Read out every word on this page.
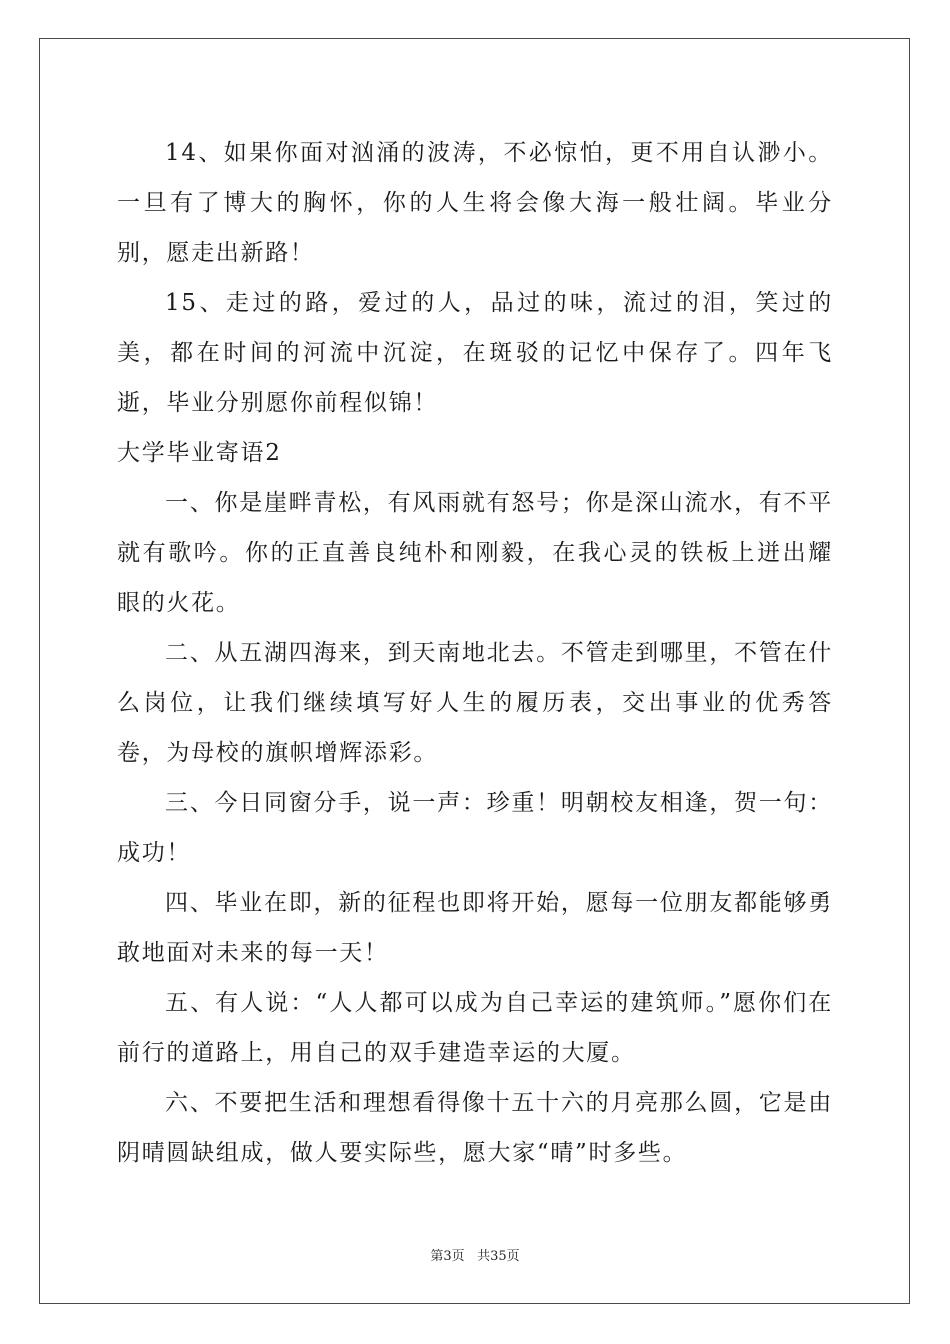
14、如果你面对汹涌的波涛，不必惊怕，更不用自认渺小。一旦有了博大的胸怀，你的人生将会像大海一般壮阔。毕业分别，愿走出新路！

15、走过的路，爱过的人，品过的味，流过的泪，笑过的美，都在时间的河流中沉淀，在斑驳的记忆中保存了。四年飞逝，毕业分别愿你前程似锦！

大学毕业寄语2

一、你是崖畔青松，有风雨就有怒号；你是深山流水，有不平就有歌吟。你的正直善良纯朴和刚毅，在我心灵的铁板上迸出耀眼的火花。

二、从五湖四海来，到天南地北去。不管走到哪里，不管在什么岗位，让我们继续填写好人生的履历表，交出事业的优秀答卷，为母校的旗帜增辉添彩。

三、今日同窗分手，说一声：珍重！明朝校友相逢，贺一句：成功！

四、毕业在即，新的征程也即将开始，愿每一位朋友都能够勇敢地面对未来的每一天！

五、有人说：“人人都可以成为自己幸运的建筑师。”愿你们在前行的道路上，用自己的双手建造幸运的大厦。

六、不要把生活和理想看得像十五十六的月亮那么圆，它是由阴晴圆缺组成，做人要实际些，愿大家“晴”时多些。

第3页 共35页
